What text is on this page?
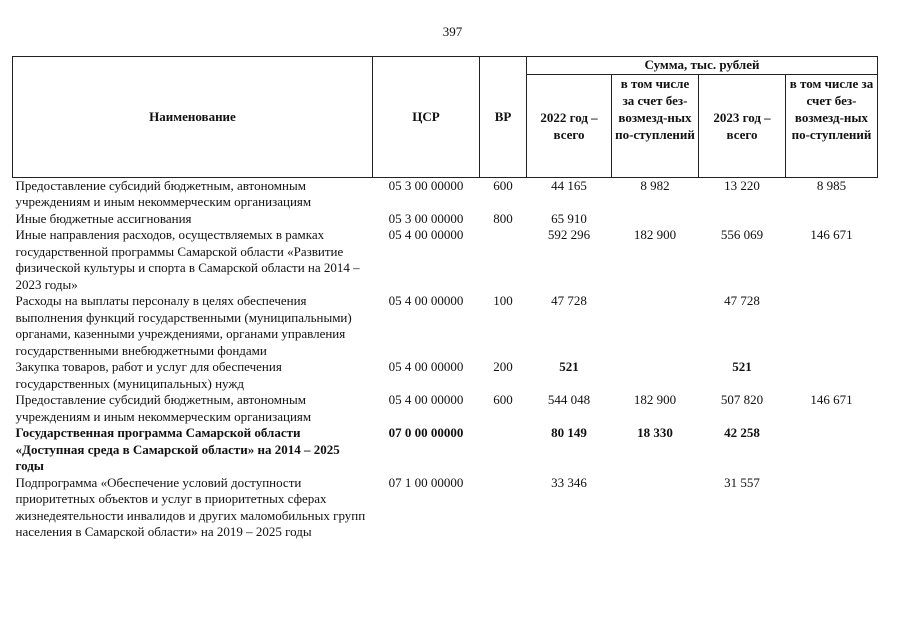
397
Наименование	ЦСР	ВР	Сумма, тыс. рублей			
			2022 год – всего	в том числе за счет без-возмезд-ных по-ступлений	2023 год – всего	в том числе за счет без-возмезд-ных по-ступлений
Предоставление субсидий бюджетным, автономным учреждениям и иным некоммерческим организациям	05 3 00 00000	600	44 165	8 982	13 220	8 985
Иные бюджетные ассигнования	05 3 00 00000	800	65 910			
Иные направления расходов, осуществляемых в рамках государственной программы Самарской области «Развитие физической культуры и спорта в Самарской области на 2014 – 2023 годы»	05 4 00 00000		592 296	182 900	556 069	146 671
Расходы на выплаты персоналу в целях обеспечения выполнения функций государственными (муниципальными) органами, казенными учреждениями, органами управления государственными внебюджетными фондами	05 4 00 00000	100	47 728		47 728	
Закупка товаров, работ и услуг для обеспечения государственных (муниципальных) нужд	05 4 00 00000	200	521		521	
Предоставление субсидий бюджетным, автономным учреждениям и иным некоммерческим организациям	05 4 00 00000	600	544 048	182 900	507 820	146 671
Государственная программа Самарской области «Доступная среда в Самарской области» на 2014 – 2025 годы	07 0 00 00000		80 149	18 330	42 258	
Подпрограмма «Обеспечение условий доступности приоритетных объектов и услуг в приоритетных сферах жизнедеятельности инвалидов и других маломобильных групп населения в Самарской области» на 2019 – 2025 годы	07 1 00 00000		33 346		31 557	
